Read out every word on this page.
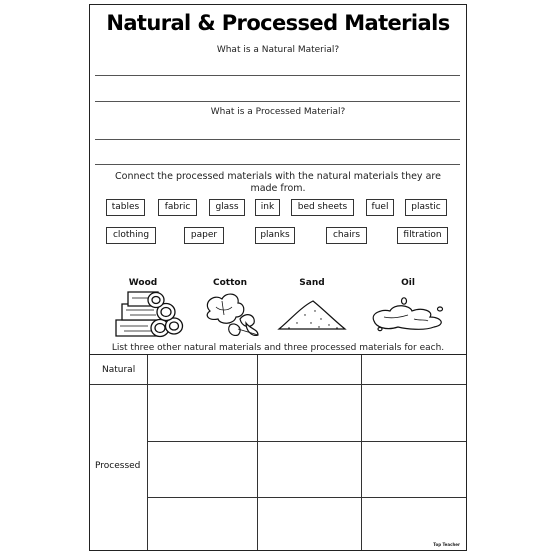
Natural & Processed Materials
What is a Natural Material?
What is a Processed Material?
Connect the processed materials with the natural materials they are made from.
tables	fabric	glass	ink	bed sheets	fuel	plastic
clothing	paper	planks	chairs	filtration
Wood	Cotton	Sand	Oil
List three other natural materials and three processed materials for each.
Natural
Processed
Top Teacher
